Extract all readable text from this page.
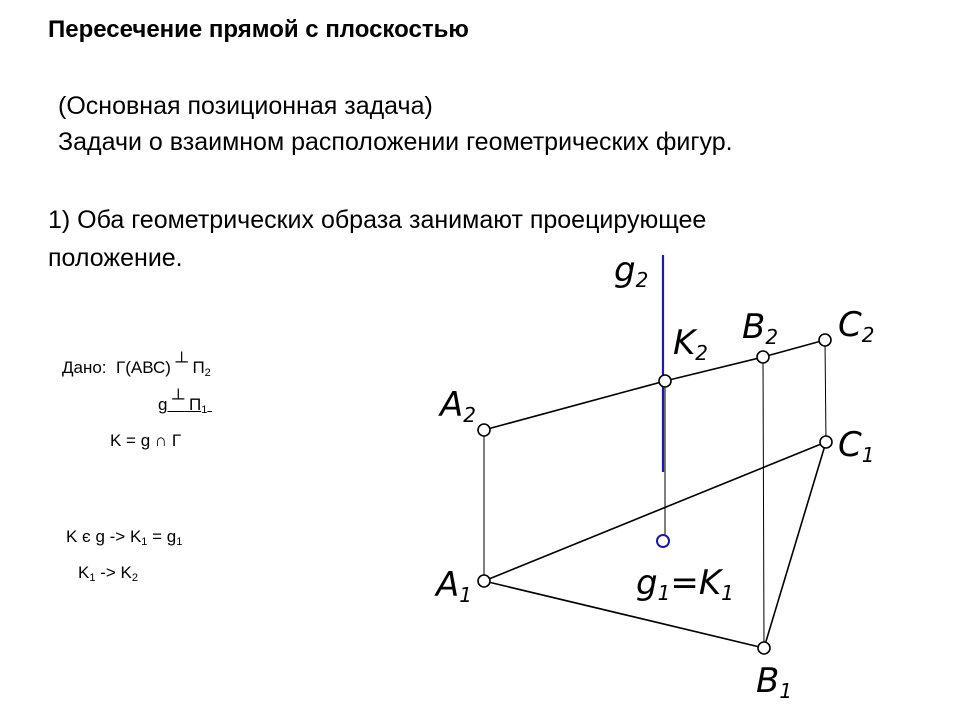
Пересечение прямой с плоскостью
(Основная позиционная задача)
Задачи о взаимном расположении геометрических фигур.
1) Оба геометрических образа занимают проецирующее
положение.
Дано: Г(АВС) ┴ $П_2$
g ┴ $П_1$
K = g ∩ Г
K є $g -> K_1 = g_1$
$K_1 -> K_2$
g2
K2
B2 C2
A2
C1
A1
B1
g1=K1
